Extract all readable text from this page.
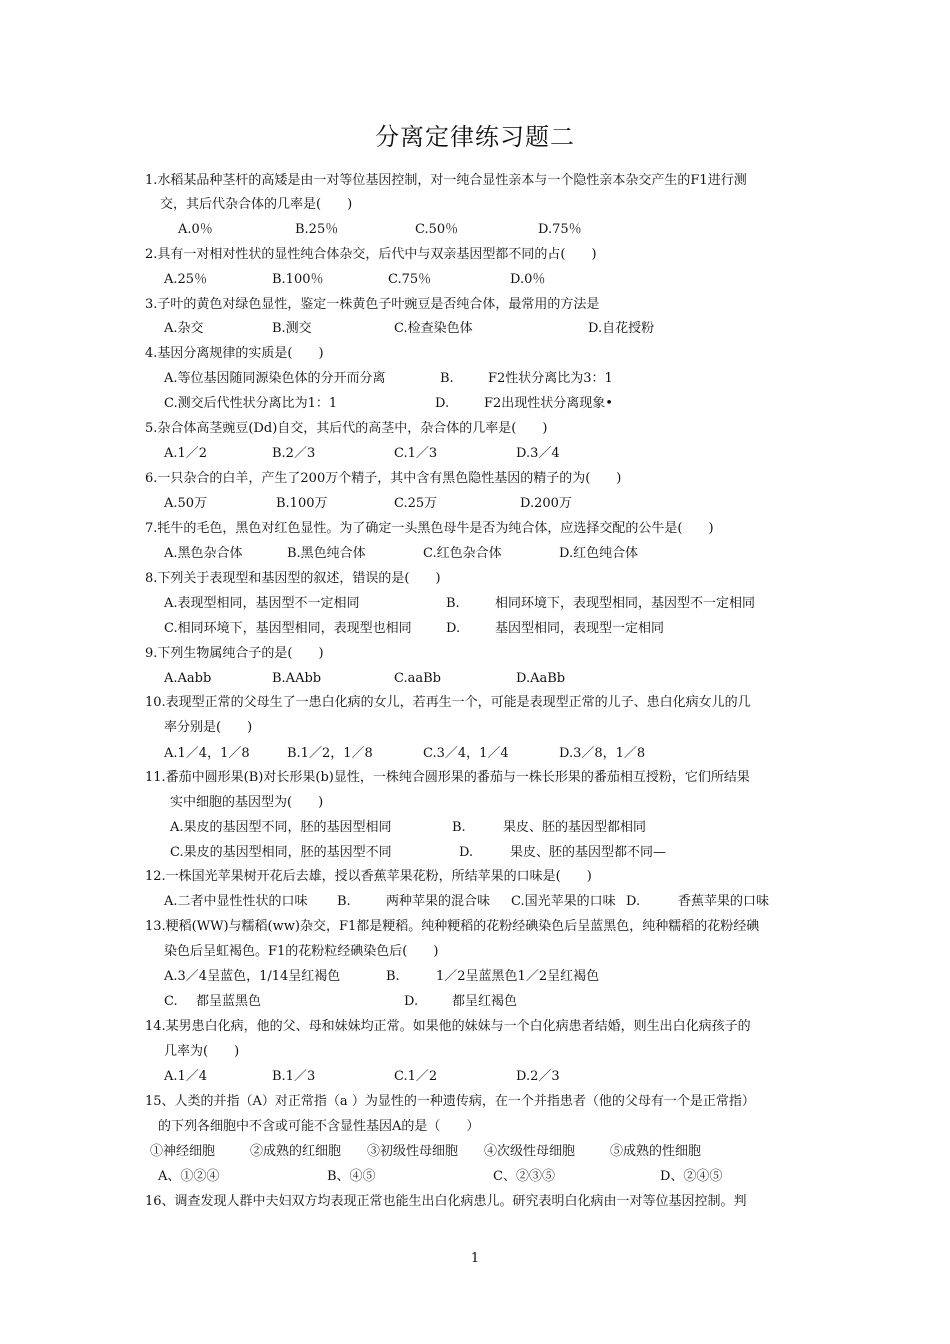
分离定律练习题二
1.水稻某品种茎杆的高矮是由一对等位基因控制，对一纯合显性亲本与一个隐性亲本杂交产生的F1进行测
交，其后代杂合体的几率是(　　)
A.0％	B.25％	C.50％	D.75％
2.具有一对相对性状的显性纯合体杂交，后代中与双亲基因型都不同的占(　　)
A.25％	B.100％	C.75％	D.0％
3.子叶的黄色对绿色显性，鉴定一株黄色子叶豌豆是否纯合体，最常用的方法是
A.杂交	B.测交	C.检查染色体	D.自花授粉
4.基因分离规律的实质是(　　)
A.等位基因随同源染色体的分开而分离	B.	F2性状分离比为3：1
C.测交后代性状分离比为1：1	D.	F2出现性状分离现象•
5.杂合体高茎豌豆(Dd)自交，其后代的高茎中，杂合体的几率是(　　)
A.1／2	B.2／3	C.1／3	D.3／4
6.一只杂合的白羊，产生了200万个精子，其中含有黑色隐性基因的精子的为(　　)
A.50万	B.100万	C.25万	D.200万
7.牦牛的毛色，黑色对红色显性。为了确定一头黑色母牛是否为纯合体，应选择交配的公牛是(　　)
A.黑色杂合体	B.黑色纯合体	C.红色杂合体	D.红色纯合体
8.下列关于表现型和基因型的叙述，错误的是(　　)
A.表现型相同，基因型不一定相同	B.	相同环境下，表现型相同，基因型不一定相同
C.相同环境下，基因型相同，表现型也相同	D.	基因型相同，表现型一定相同
9.下列生物属纯合子的是(　　)
A.Aabb	B.AAbb	C.aaBb	D.AaBb
10.表现型正常的父母生了一患白化病的女儿，若再生一个，可能是表现型正常的儿子、患白化病女儿的几
率分别是(　　)
A.1／4，1／8	B.1／2，1／8	C.3／4，1／4	D.3／8，1／8
11.番茄中圆形果(B)对长形果(b)显性，一株纯合圆形果的番茄与一株长形果的番茄相互授粉，它们所结果
实中细胞的基因型为(　　)
A.果皮的基因型不同，胚的基因型相同	B.	果皮、胚的基因型都相同
C.果皮的基因型相同，胚的基因型不同	D.	果皮、胚的基因型都不同—
12.一株国光苹果树开花后去雄，授以香蕉苹果花粉，所结苹果的口味是(　　)
A.二者中显性性状的口味 B.	两种苹果的混合味 C.国光苹果的口味 D.	香蕉苹果的口味
13.粳稻(WW)与糯稻(ww)杂交，F1都是粳稻。纯种粳稻的花粉经碘染色后呈蓝黑色，纯种糯稻的花粉经碘
染色后呈虹褐色。F1的花粉粒经碘染色后(　　)
A.3／4呈蓝色，1/14呈红褐色	B.	1／2呈蓝黑色1／2呈红褐色
C. 都呈蓝黑色	D.	都呈红褐色
14.某男患白化病，他的父、母和妹妹均正常。如果他的妹妹与一个白化病患者结婚，则生出白化病孩子的
几率为(　　)
A.1／4	B.1／3	C.1／2	D.2／3
15、人类的并指（A）对正常指（a ）为显性的一种遗传病，在一个并指患者（他的父母有一个是正常指）
的下列各细胞中不含或可能不含显性基因A的是（　　）
①神经细胞	②成熟的红细胞 ③初级性母细胞 ④次级性母细胞	⑤成熟的性细胞
A、①②④	B、④⑤	C、②③⑤	D、②④⑤
16、调查发现人群中夫妇双方均表现正常也能生出白化病患儿。研究表明白化病由一对等位基因控制。判
1
